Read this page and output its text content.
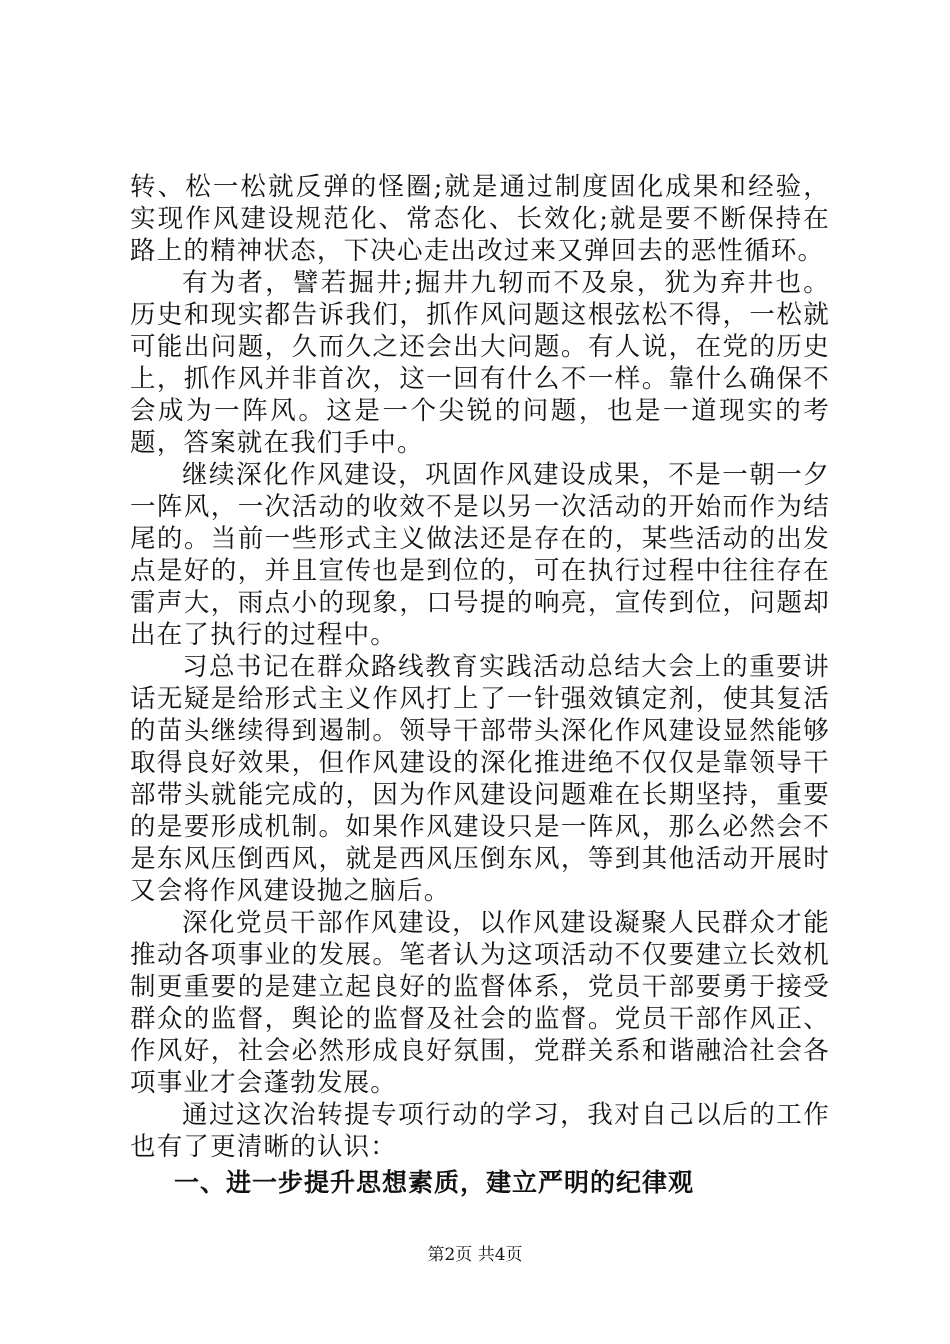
转、松一松就反弹的怪圈;就是通过制度固化成果和经验，实现作风建设规范化、常态化、长效化;就是要不断保持在路上的精神状态，下决心走出改过来又弹回去的恶性循环。

有为者，譬若掘井;掘井九轫而不及泉，犹为弃井也。历史和现实都告诉我们，抓作风问题这根弦松不得，一松就可能出问题，久而久之还会出大问题。有人说，在党的历史上，抓作风并非首次，这一回有什么不一样。靠什么确保不会成为一阵风。这是一个尖锐的问题，也是一道现实的考题，答案就在我们手中。

继续深化作风建设，巩固作风建设成果，不是一朝一夕一阵风，一次活动的收效不是以另一次活动的开始而作为结尾的。当前一些形式主义做法还是存在的，某些活动的出发点是好的，并且宣传也是到位的，可在执行过程中往往存在雷声大，雨点小的现象，口号提的响亮，宣传到位，问题却出在了执行的过程中。

习总书记在群众路线教育实践活动总结大会上的重要讲话无疑是给形式主义作风打上了一针强效镇定剂，使其复活的苗头继续得到遏制。领导干部带头深化作风建设显然能够取得良好效果，但作风建设的深化推进绝不仅仅是靠领导干部带头就能完成的，因为作风建设问题难在长期坚持，重要的是要形成机制。如果作风建设只是一阵风，那么必然会不是东风压倒西风，就是西风压倒东风，等到其他活动开展时又会将作风建设抛之脑后。

深化党员干部作风建设，以作风建设凝聚人民群众才能推动各项事业的发展。笔者认为这项活动不仅要建立长效机制更重要的是建立起良好的监督体系，党员干部要勇于接受群众的监督，舆论的监督及社会的监督。党员干部作风正、作风好，社会必然形成良好氛围，党群关系和谐融洽社会各项事业才会蓬勃发展。

通过这次治转提专项行动的学习，我对自己以后的工作也有了更清晰的认识：

一、进一步提升思想素质，建立严明的纪律观
第2页 共4页
